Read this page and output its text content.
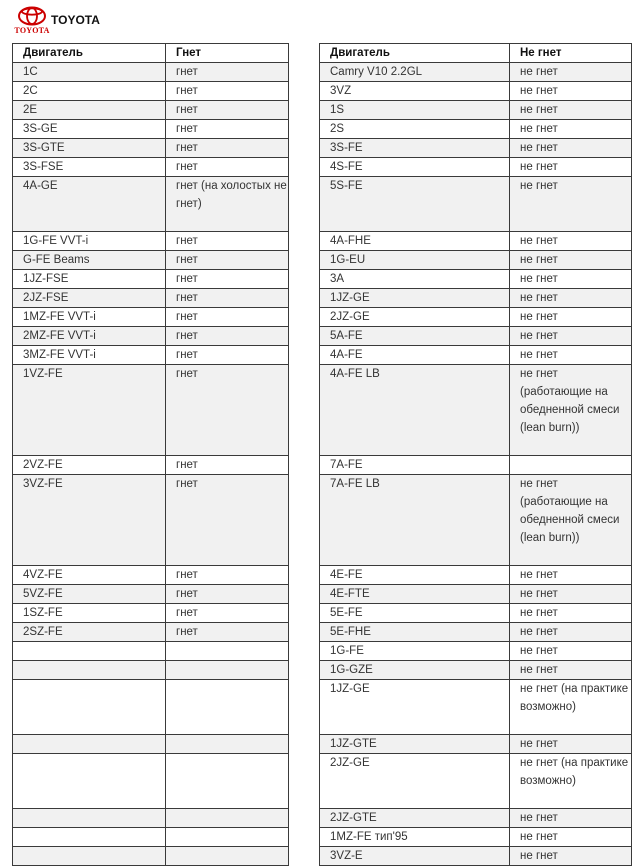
TOYOTA
TOYOTA
Двигатель	Гнет
1C	гнет
2C	гнет
2E	гнет
3S-GE	гнет
3S-GTE	гнет
3S-FSE	гнет
4A-GE	гнет (на холостых не гнет)
1G-FE VVT-i	гнет
G-FE Beams	гнет
1JZ-FSE	гнет
2JZ-FSE	гнет
1MZ-FE VVT-i	гнет
2MZ-FE VVT-i	гнет
3MZ-FE VVT-i	гнет
1VZ-FE	гнет
2VZ-FE	гнет
3VZ-FE	гнет
4VZ-FE	гнет
5VZ-FE	гнет
1SZ-FE	гнет
2SZ-FE	гнет

Двигатель	Не гнет
Camry V10 2.2GL	не гнет
3VZ	не гнет
1S	не гнет
2S	не гнет
3S-FE	не гнет
4S-FE	не гнет
5S-FE	не гнет
4A-FHE	не гнет
1G-EU	не гнет
3A	не гнет
1JZ-GE	не гнет
2JZ-GE	не гнет
5A-FE	не гнет
4A-FE	не гнет
4A-FE LB	не гнет (работающие на обедненной смеси (lean burn))
7A-FE	
7A-FE LB	не гнет (работающие на обедненной смеси (lean burn))
4E-FE	не гнет
4E-FTE	не гнет
5E-FE	не гнет
5E-FHE	не гнет
1G-FE	не гнет
1G-GZE	не гнет
1JZ-GE	не гнет (на практике возможно)
1JZ-GTE	не гнет
2JZ-GE	не гнет (на практике возможно)
2JZ-GTE	не гнет
1MZ-FE тип'95	не гнет
3VZ-E	не гнет
